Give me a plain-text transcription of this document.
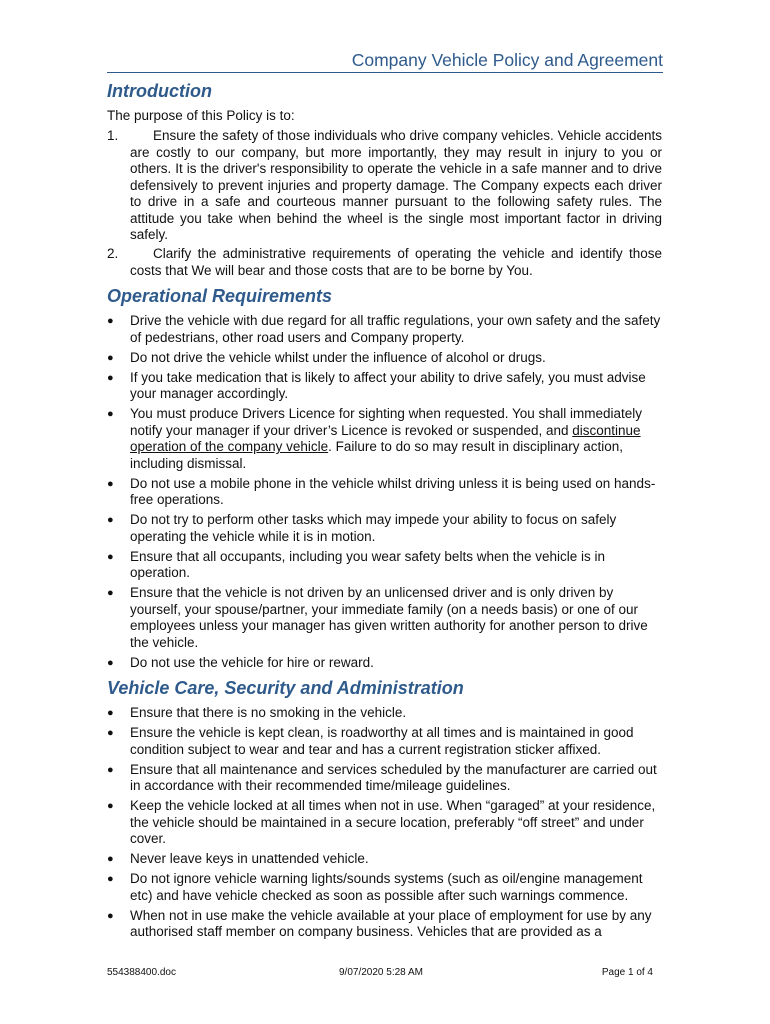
Company Vehicle Policy and Agreement
Introduction

The purpose of this Policy is to:

1.	Ensure the safety of those individuals who drive company vehicles. Vehicle accidents are costly to our company, but more importantly, they may result in injury to you or others. It is the driver's responsibility to operate the vehicle in a safe manner and to drive defensively to prevent injuries and property damage. The Company expects each driver to drive in a safe and courteous manner pursuant to the following safety rules. The attitude you take when behind the wheel is the single most important factor in driving safely.
2.	Clarify the administrative requirements of operating the vehicle and identify those costs that We will bear and those costs that are to be borne by You.
Operational Requirements
● Drive the vehicle with due regard for all traffic regulations, your own safety and the safety of pedestrians, other road users and Company property.
● Do not drive the vehicle whilst under the influence of alcohol or drugs.
● If you take medication that is likely to affect your ability to drive safely, you must advise your manager accordingly.
● You must produce Drivers Licence for sighting when requested. You shall immediately notify your manager if your driver’s Licence is revoked or suspended, and discontinue operation of the company vehicle. Failure to do so may result in disciplinary action, including dismissal.
● Do not use a mobile phone in the vehicle whilst driving unless it is being used on hands-free operations.
● Do not try to perform other tasks which may impede your ability to focus on safely operating the vehicle while it is in motion.
● Ensure that all occupants, including you wear safety belts when the vehicle is in operation.
● Ensure that the vehicle is not driven by an unlicensed driver and is only driven by yourself, your spouse/partner, your immediate family (on a needs basis) or one of our employees unless your manager has given written authority for another person to drive the vehicle.
● Do not use the vehicle for hire or reward.
Vehicle Care, Security and Administration
● Ensure that there is no smoking in the vehicle.
● Ensure the vehicle is kept clean, is roadworthy at all times and is maintained in good condition subject to wear and tear and has a current registration sticker affixed.
● Ensure that all maintenance and services scheduled by the manufacturer are carried out in accordance with their recommended time/mileage guidelines.
● Keep the vehicle locked at all times when not in use. When “garaged” at your residence, the vehicle should be maintained in a secure location, preferably “off street” and under cover.
● Never leave keys in unattended vehicle.
● Do not ignore vehicle warning lights/sounds systems (such as oil/engine management etc) and have vehicle checked as soon as possible after such warnings commence.
● When not in use make the vehicle available at your place of employment for use by any authorised staff member on company business. Vehicles that are provided as a
554388400.doc	9/07/2020 5:28 AM	Page 1 of 4
